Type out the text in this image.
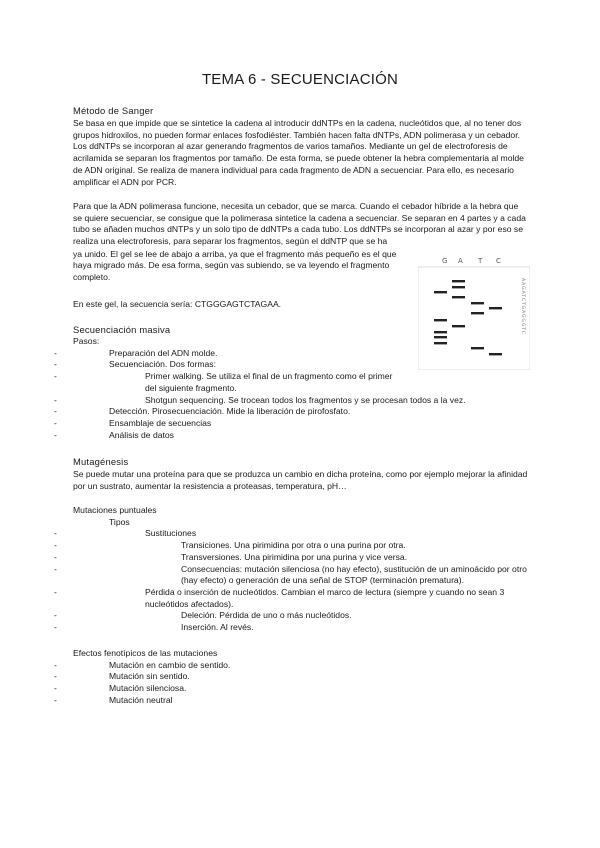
TEMA 6 - SECUENCIACIÓN
Método de Sanger

Se basa en que impide que se sintetice la cadena al introducir ddNTPs en la cadena, nucleótidos que, al no tener dos grupos hidroxilos, no pueden formar enlaces fosfodiéster. También hacen falta dNTPs, ADN polimerasa y un cebador. Los ddNTPs se incorporan al azar generando fragmentos de varios tamaños. Mediante un gel de electroforesis de acrilamida se separan los fragmentos por tamaño. De esta forma, se puede obtener la hebra complementaria al molde de ADN original. Se realiza de manera individual para cada fragmento de ADN a secuenciar. Para ello, es necesario amplificar el ADN por PCR.

Para que la ADN polimerasa funcione, necesita un cebador, que se marca. Cuando el cebador híbride a la hebra que se quiere secuenciar, se consigue que la polimerasa sintetice la cadena a secuenciar. Se separan en 4 partes y a cada tubo se añaden muchos dNTPs y un solo tipo de ddNTPs a cada tubo. Los ddNTPs se incorporan al azar y por eso se realiza una electroforesis, para separar los fragmentos, según el ddNTP que se ha

ya unido. El gel se lee de abajo a arriba, ya que el fragmento más pequeño es el que haya migrado más. De esa forma, según vas subiendo, se va leyendo el fragmento completo.

En este gel, la secuencia sería: CTGGGAGTCTAGAA.

G A T C
AAGATCTGAGGGTC
Secuenciación masiva
Pasos:
- Preparación del ADN molde.
- Secuenciación. Dos formas:
- Primer walking. Se utiliza el final de un fragmento como el primer del siguiente fragmento.
- Shotgun sequencing. Se trocean todos los fragmentos y se procesan todos a la vez.
- Detección. Pirosecuenciación. Mide la liberación de pirofosfato.
- Ensamblaje de secuencias
- Análisis de datos
Mutagénesis

Se puede mutar una proteína para que se produzca un cambio en dicha proteína, como por ejemplo mejorar la afinidad por un sustrato, aumentar la resistencia a proteasas, temperatura, pH…

Mutaciones puntuales
Tipos
- Sustituciones
- Transiciones. Una pirimidina por otra o una purina por otra.
- Transversiones. Una pirimidina por una purina y vice versa.
- Consecuencias: mutación silenciosa (no hay efecto), sustitución de un aminoácido por otro (hay efecto) o generación de una señal de STOP (terminación prematura).
- Pérdida o inserción de nucleótidos. Cambian el marco de lectura (siempre y cuando no sean 3 nucleótidos afectados).
- Deleción. Pérdida de uno o más nucleótidos.
- Inserción. Al revés.
Efectos fenotípicos de las mutaciones
- Mutación en cambio de sentido.
- Mutación sin sentido.
- Mutación silenciosa.
- Mutación neutral
